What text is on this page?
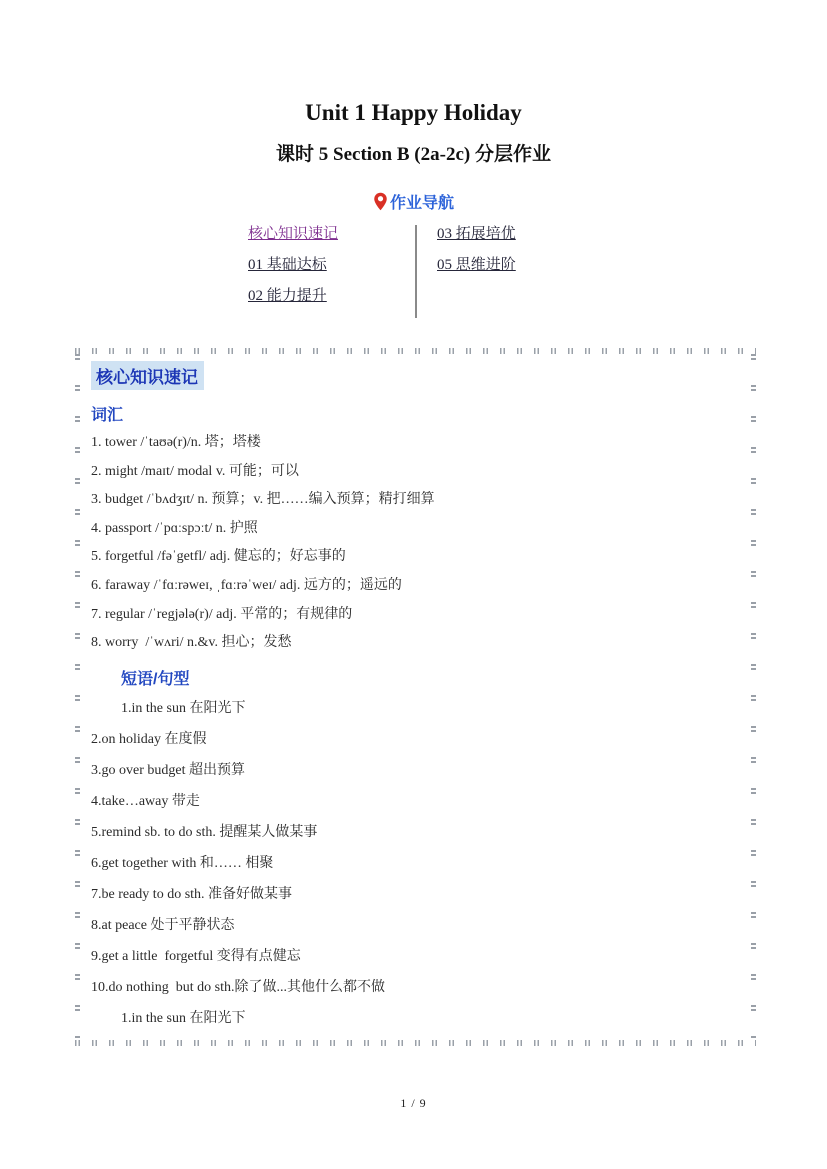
Unit 1 Happy Holiday
课时 5 Section B (2a-2c) 分层作业
作业导航
核心知识速记
01 基础达标
02 能力提升
03 拓展培优
05 思维进阶
核心知识速记
词汇
1. tower /ˈtaʊə(r)/n. 塔；塔楼
2. might /maɪt/ modal v. 可能；可以
3. budget /ˈbʌdʒɪt/ n. 预算；v. 把……编入预算；精打细算
4. passport /ˈpɑːspɔːt/ n. 护照
5. forgetful /fəˈgetfl/ adj. 健忘的；好忘事的
6. faraway /ˈfɑːrəweɪ, ˌfɑːrəˈweɪ/ adj. 远方的；遥远的
7. regular /ˈregjələ(r)/ adj. 平常的；有规律的
8. worry  /ˈwʌri/ n.&v. 担心；发愁
短语/句型
1.in the sun 在阳光下
2.on holiday 在度假
3.go over budget 超出预算
4.take…away 带走
5.remind sb. to do sth. 提醒某人做某事
6.get together with 和…… 相聚
7.be ready to do sth. 准备好做某事
8.at peace 处于平静状态
9.get a little  forgetful 变得有点健忘
10.do nothing  but do sth.除了做...其他什么都不做
1.in the sun 在阳光下
1 / 9
